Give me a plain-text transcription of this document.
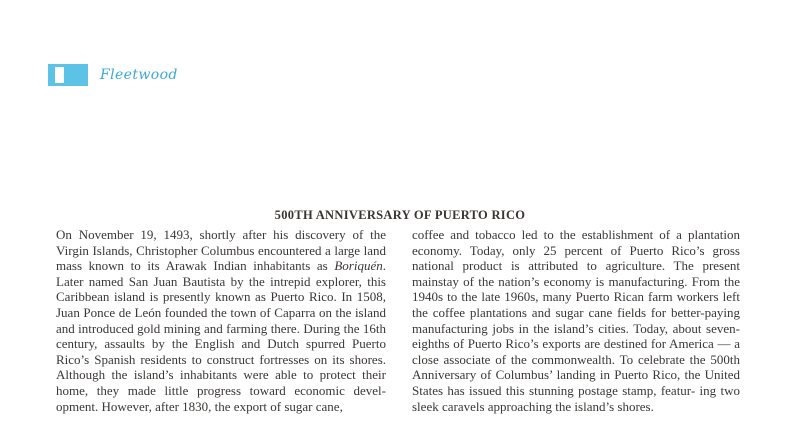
Fleetwood
500TH ANNIVERSARY OF PUERTO RICO
On November 19, 1493, shortly after his discovery of the Virgin Islands, Christopher Columbus encountered a large land mass known to its Arawak Indian inhabitants as Boriquén. Later named San Juan Bautista by the intrepid explorer, this Caribbean island is presently known as Puerto Rico. In 1508, Juan Ponce de León founded the town of Caparra on the island and introduced gold mining and farming there. During the 16th century, assaults by the English and Dutch spurred Puerto Rico’s Spanish residents to construct fortresses on its shores. Although the island’s inhabitants were able to protect their home, they made little progress toward economic devel- opment. However, after 1830, the export of sugar cane,
coffee and tobacco led to the establishment of a plantation economy. Today, only 25 percent of Puerto Rico’s gross national product is attributed to agriculture. The present mainstay of the nation’s economy is manufacturing. From the 1940s to the late 1960s, many Puerto Rican farm workers left the coffee plantations and sugar cane fields for better-paying manufacturing jobs in the island’s cities. Today, about seven- eighths of Puerto Rico’s exports are destined for America — a close associate of the commonwealth. To celebrate the 500th Anniversary of Columbus’ landing in Puerto Rico, the United States has issued this stunning postage stamp, featur- ing two sleek caravels approaching the island’s shores.
